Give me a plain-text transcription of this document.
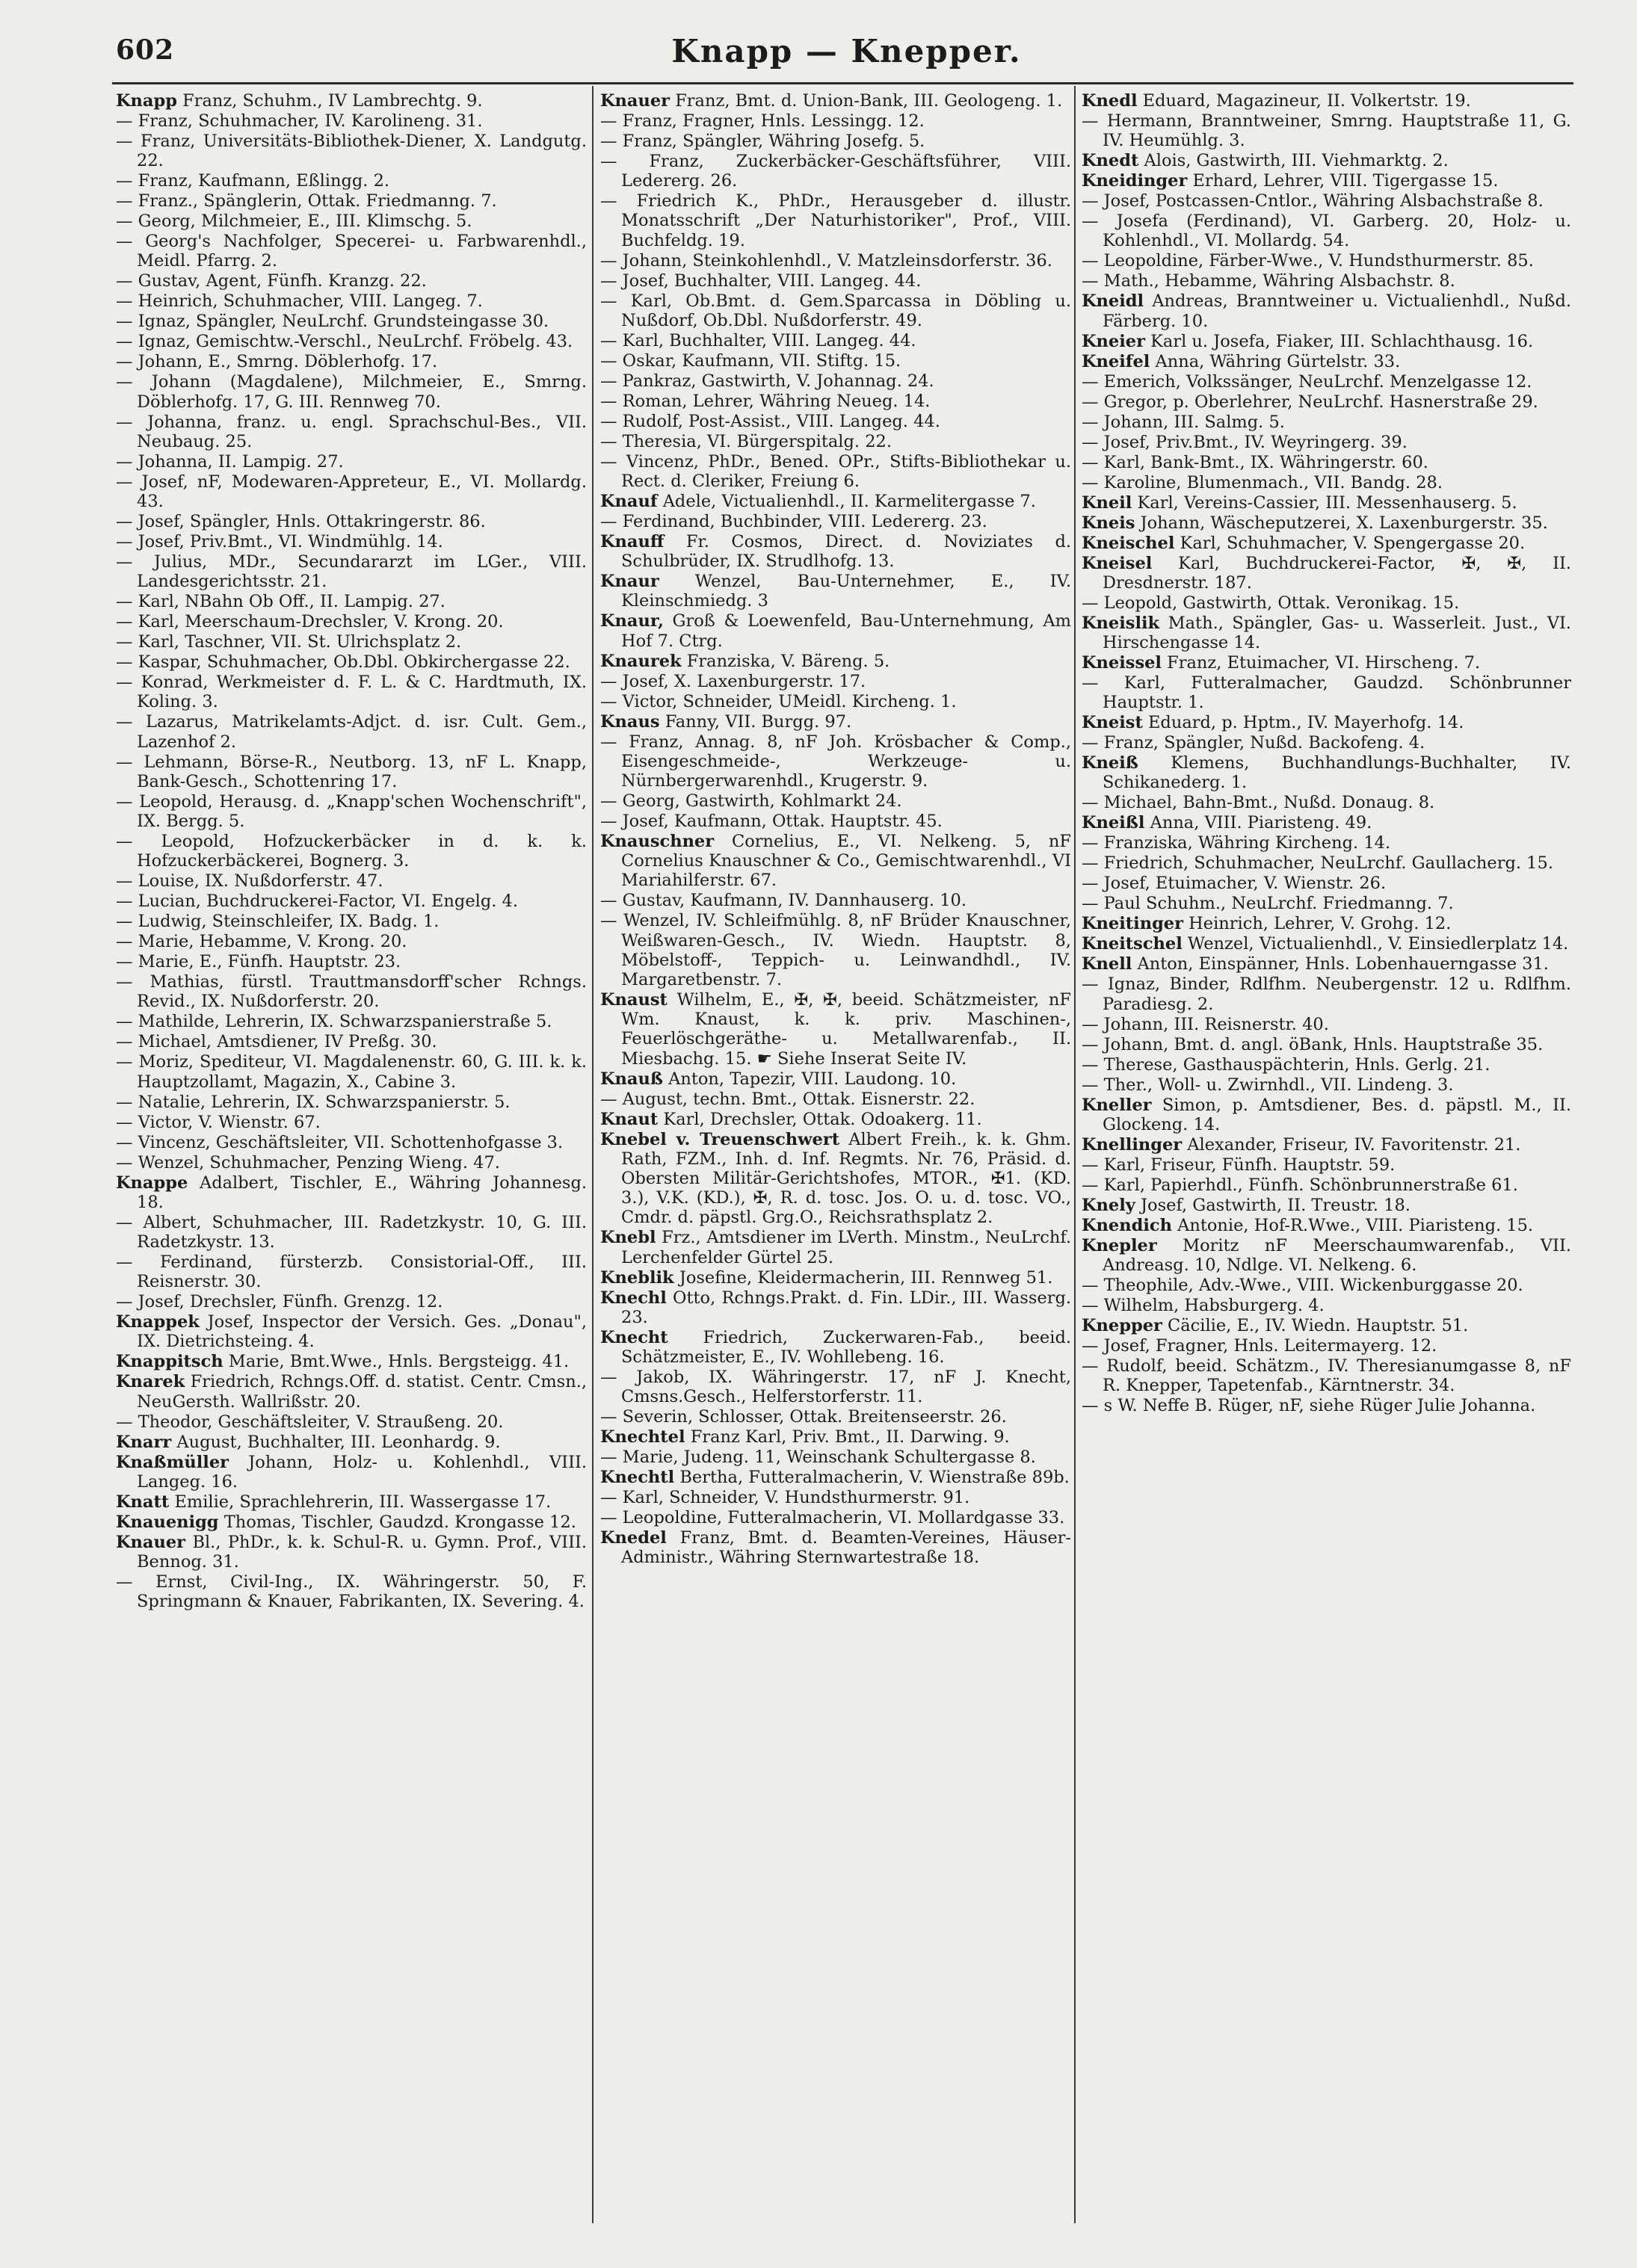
602	Knapp — Knepper.

Knapp Franz, Schuhm., IV Lambrechtg. 9.

— Franz, Schuhmacher, IV. Karolineng. 31.

— Franz, Universitäts-Bibliothek-Diener, X. Landgutg. 22.

— Franz, Kaufmann, Eßlingg. 2.

— Franz., Spänglerin, Ottak. Friedmanng. 7.

— Georg, Milchmeier, E., III. Klimschg. 5.

— Georg's Nachfolger, Specerei- u. Farbwarenhdl., Meidl. Pfarrg. 2.

— Gustav, Agent, Fünfh. Kranzg. 22.

— Heinrich, Schuhmacher, VIII. Langeg. 7.

— Ignaz, Spängler, NeuLrchf. Grundsteingasse 30.

— Ignaz, Gemischtw.-Verschl., NeuLrchf. Fröbelg. 43.

— Johann, E., Smrng. Döblerhofg. 17.

— Johann (Magdalene), Milchmeier, E., Smrng. Döblerhofg. 17, G. III. Rennweg 70.

— Johanna, franz. u. engl. Sprachschul-Bes., VII. Neubaug. 25.

— Johanna, II. Lampig. 27.

— Josef, nF, Modewaren-Appreteur, E., VI. Mollardg. 43.

— Josef, Spängler, Hnls. Ottakringerstr. 86.

— Josef, Priv.Bmt., VI. Windmühlg. 14.

— Julius, MDr., Secundararzt im LGer., VIII. Landesgerichtsstr. 21.

— Karl, NBahn Ob Off., II. Lampig. 27.

— Karl, Meerschaum-Drechsler, V. Krong. 20.

— Karl, Taschner, VII. St. Ulrichsplatz 2.

— Kaspar, Schuhmacher, Ob.Dbl. Obkirchergasse 22.

— Konrad, Werkmeister d. F. L. & C. Hardtmuth, IX. Koling. 3.

— Lazarus, Matrikelamts-Adjct. d. isr. Cult. Gem., Lazenhof 2.

— Lehmann, Börse-R., Neutborg. 13, nF L. Knapp, Bank-Gesch., Schottenring 17.

— Leopold, Herausg. d. „Knapp'schen Wochenschrift", IX. Bergg. 5.

— Leopold, Hofzuckerbäcker in d. k. k. Hofzuckerbäckerei, Bognerg. 3.

— Louise, IX. Nußdorferstr. 47.

— Lucian, Buchdruckerei-Factor, VI. Engelg. 4.

— Ludwig, Steinschleifer, IX. Badg. 1.

— Marie, Hebamme, V. Krong. 20.

— Marie, E., Fünfh. Hauptstr. 23.

— Mathias, fürstl. Trauttmansdorff'scher Rchngs. Revid., IX. Nußdorferstr. 20.

— Mathilde, Lehrerin, IX. Schwarzspanierstraße 5.

— Michael, Amtsdiener, IV Preßg. 30.

— Moriz, Spediteur, VI. Magdalenenstr. 60, G. III. k. k. Hauptzollamt, Magazin, X., Cabine 3.

— Natalie, Lehrerin, IX. Schwarzspanierstr. 5.

— Victor, V. Wienstr. 67.

— Vincenz, Geschäftsleiter, VII. Schottenhofgasse 3.

— Wenzel, Schuhmacher, Penzing Wieng. 47.

Knappe Adalbert, Tischler, E., Währing Johannesg. 18.

— Albert, Schuhmacher, III. Radetzkystr. 10, G. III. Radetzkystr. 13.

— Ferdinand, fürsterzb. Consistorial-Off., III. Reisnerstr. 30.

— Josef, Drechsler, Fünfh. Grenzg. 12.

Knappek Josef, Inspector der Versich. Ges. „Donau", IX. Dietrichsteing. 4.

Knappitsch Marie, Bmt.Wwe., Hnls. Bergsteigg. 41.

Knarek Friedrich, Rchngs.Off. d. statist. Centr. Cmsn., NeuGersth. Wallrißstr. 20.

— Theodor, Geschäftsleiter, V. Straußeng. 20.

Knarr August, Buchhalter, III. Leonhardg. 9.

Knaßmüller Johann, Holz- u. Kohlenhdl., VIII. Langeg. 16.

Knatt Emilie, Sprachlehrerin, III. Wassergasse 17.

Knauenigg Thomas, Tischler, Gaudzd. Krongasse 12.

Knauer Bl., PhDr., k. k. Schul-R. u. Gymn. Prof., VIII. Bennog. 31.

— Ernst, Civil-Ing., IX. Währingerstr. 50, F. Springmann & Knauer, Fabrikanten, IX. Severing. 4.

Knauer Franz, Bmt. d. Union-Bank, III. Geologeng. 1.

— Franz, Fragner, Hnls. Lessingg. 12.

— Franz, Spängler, Währing Josefg. 5.

— Franz, Zuckerbäcker-Geschäftsführer, VIII. Ledererg. 26.

— Friedrich K., PhDr., Herausgeber d. illustr. Monatsschrift „Der Naturhistoriker", Prof., VIII. Buchfeldg. 19.

— Johann, Steinkohlenhdl., V. Matzleinsdorferstr. 36.

— Josef, Buchhalter, VIII. Langeg. 44.

— Karl, Ob.Bmt. d. Gem.Sparcassa in Döbling u. Nußdorf, Ob.Dbl. Nußdorferstr. 49.

— Karl, Buchhalter, VIII. Langeg. 44.

— Oskar, Kaufmann, VII. Stiftg. 15.

— Pankraz, Gastwirth, V. Johannag. 24.

— Roman, Lehrer, Währing Neueg. 14.

— Rudolf, Post-Assist., VIII. Langeg. 44.

— Theresia, VI. Bürgerspitalg. 22.

— Vincenz, PhDr., Bened. OPr., Stifts-Bibliothekar u. Rect. d. Cleriker, Freiung 6.

Knauf Adele, Victualienhdl., II. Karmelitergasse 7.

— Ferdinand, Buchbinder, VIII. Ledererg. 23.

Knauff Fr. Cosmos, Direct. d. Noviziates d. Schulbrüder, IX. Strudlhofg. 13.

Knaur Wenzel, Bau-Unternehmer, E., IV. Kleinschmiedg. 3

Knaur, Groß & Loewenfeld, Bau-Unternehmung, Am Hof 7. Ctrg.

Knaurek Franziska, V. Bäreng. 5.

— Josef, X. Laxenburgerstr. 17.

— Victor, Schneider, UMeidl. Kircheng. 1.

Knaus Fanny, VII. Burgg. 97.

— Franz, Annag. 8, nF Joh. Krösbacher & Comp., Eisengeschmeide-, Werkzeuge- u. Nürnbergerwarenhdl., Krugerstr. 9.

— Georg, Gastwirth, Kohlmarkt 24.

— Josef, Kaufmann, Ottak. Hauptstr. 45.

Knauschner Cornelius, E., VI. Nelkeng. 5, nF Cornelius Knauschner & Co., Gemischtwarenhdl., VI Mariahilferstr. 67.

— Gustav, Kaufmann, IV. Dannhauserg. 10.

— Wenzel, IV. Schleifmühlg. 8, nF Brüder Knauschner, Weißwaren-Gesch., IV. Wiedn. Hauptstr. 8, Möbelstoff-, Teppich- u. Leinwandhdl., IV. Margaretbenstr. 7.

Knaust Wilhelm, E., ✠, ✠, beeid. Schätzmeister, nF Wm. Knaust, k. k. priv. Maschinen-, Feuerlöschgeräthe- u. Metallwarenfab., II. Miesbachg. 15. ☛ Siehe Inserat Seite IV.

Knauß Anton, Tapezir, VIII. Laudong. 10.

— August, techn. Bmt., Ottak. Eisnerstr. 22.

Knaut Karl, Drechsler, Ottak. Odoakerg. 11.

Knebel v. Treuenschwert Albert Freih., k. k. Ghm. Rath, FZM., Inh. d. Inf. Regmts. Nr. 76, Präsid. d. Obersten Militär-Gerichtshofes, MTOR., ✠1. (KD. 3.), V.K. (KD.), ✠, R. d. tosc. Jos. O. u. d. tosc. VO., Cmdr. d. päpstl. Grg.O., Reichsrathsplatz 2.

Knebl Frz., Amtsdiener im LVerth. Minstm., NeuLrchf. Lerchenfelder Gürtel 25.

Kneblik Josefine, Kleidermacherin, III. Rennweg 51.

Knechl Otto, Rchngs.Prakt. d. Fin. LDir., III. Wasserg. 23.

Knecht Friedrich, Zuckerwaren-Fab., beeid. Schätzmeister, E., IV. Wohllebeng. 16.

— Jakob, IX. Währingerstr. 17, nF J. Knecht, Cmsns.Gesch., Helferstorferstr. 11.

— Severin, Schlosser, Ottak. Breitenseerstr. 26.

Knechtel Franz Karl, Priv. Bmt., II. Darwing. 9.

— Marie, Judeng. 11, Weinschank Schultergasse 8.

Knechtl Bertha, Futteralmacherin, V. Wienstraße 89b.

— Karl, Schneider, V. Hundsthurmerstr. 91.

— Leopoldine, Futteralmacherin, VI. Mollardgasse 33.

Knedel Franz, Bmt. d. Beamten-Vereines, Häuser-Administr., Währing Sternwartestraße 18.

Knedl Eduard, Magazineur, II. Volkertstr. 19.

— Hermann, Branntweiner, Smrng. Hauptstraße 11, G. IV. Heumühlg. 3.

Knedt Alois, Gastwirth, III. Viehmarktg. 2.

Kneidinger Erhard, Lehrer, VIII. Tigergasse 15.

— Josef, Postcassen-Cntlor., Währing Alsbachstraße 8.

— Josefa (Ferdinand), VI. Garberg. 20, Holz- u. Kohlenhdl., VI. Mollardg. 54.

— Leopoldine, Färber-Wwe., V. Hundsthurmerstr. 85.

— Math., Hebamme, Währing Alsbachstr. 8.

Kneidl Andreas, Branntweiner u. Victualienhdl., Nußd. Färberg. 10.

Kneier Karl u. Josefa, Fiaker, III. Schlachthausg. 16.

Kneifel Anna, Währing Gürtelstr. 33.

— Emerich, Volkssänger, NeuLrchf. Menzelgasse 12.

— Gregor, p. Oberlehrer, NeuLrchf. Hasnerstraße 29.

— Johann, III. Salmg. 5.

— Josef, Priv.Bmt., IV. Weyringerg. 39.

— Karl, Bank-Bmt., IX. Währingerstr. 60.

— Karoline, Blumenmach., VII. Bandg. 28.

Kneil Karl, Vereins-Cassier, III. Messenhauserg. 5.

Kneis Johann, Wäscheputzerei, X. Laxenburgerstr. 35.

Kneischel Karl, Schuhmacher, V. Spengergasse 20.

Kneisel Karl, Buchdruckerei-Factor, ✠, ✠, II. Dresdnerstr. 187.

— Leopold, Gastwirth, Ottak. Veronikag. 15.

Kneislik Math., Spängler, Gas- u. Wasserleit. Just., VI. Hirschengasse 14.

Kneissel Franz, Etuimacher, VI. Hirscheng. 7.

— Karl, Futteralmacher, Gaudzd. Schönbrunner Hauptstr. 1.

Kneist Eduard, p. Hptm., IV. Mayerhofg. 14.

— Franz, Spängler, Nußd. Backofeng. 4.

Kneiß Klemens, Buchhandlungs-Buchhalter, IV. Schikanederg. 1.

— Michael, Bahn-Bmt., Nußd. Donaug. 8.

Kneißl Anna, VIII. Piaristeng. 49.

— Franziska, Währing Kircheng. 14.

— Friedrich, Schuhmacher, NeuLrchf. Gaullacherg. 15.

— Josef, Etuimacher, V. Wienstr. 26.

— Paul Schuhm., NeuLrchf. Friedmanng. 7.

Kneitinger Heinrich, Lehrer, V. Grohg. 12.

Kneitschel Wenzel, Victualienhdl., V. Einsiedlerplatz 14.

Knell Anton, Einspänner, Hnls. Lobenhauerngasse 31.

— Ignaz, Binder, Rdlfhm. Neubergenstr. 12 u. Rdlfhm. Paradiesg. 2.

— Johann, III. Reisnerstr. 40.

— Johann, Bmt. d. angl. öBank, Hnls. Hauptstraße 35.

— Therese, Gasthauspächterin, Hnls. Gerlg. 21.

— Ther., Woll- u. Zwirnhdl., VII. Lindeng. 3.

Kneller Simon, p. Amtsdiener, Bes. d. päpstl. M., II. Glockeng. 14.

Knellinger Alexander, Friseur, IV. Favoritenstr. 21.

— Karl, Friseur, Fünfh. Hauptstr. 59.

— Karl, Papierhdl., Fünfh. Schönbrunnerstraße 61.

Knely Josef, Gastwirth, II. Treustr. 18.

Knendich Antonie, Hof-R.Wwe., VIII. Piaristeng. 15.

Knepler Moritz nF Meerschaumwarenfab., VII. Andreasg. 10, Ndlge. VI. Nelkeng. 6.

— Theophile, Adv.-Wwe., VIII. Wickenburggasse 20.

— Wilhelm, Habsburgerg. 4.

Knepper Cäcilie, E., IV. Wiedn. Hauptstr. 51.

— Josef, Fragner, Hnls. Leitermayerg. 12.

— Rudolf, beeid. Schätzm., IV. Theresianumgasse 8, nF R. Knepper, Tapetenfab., Kärntnerstr. 34.

— s W. Neffe B. Rüger, nF, siehe Rüger Julie Johanna.
